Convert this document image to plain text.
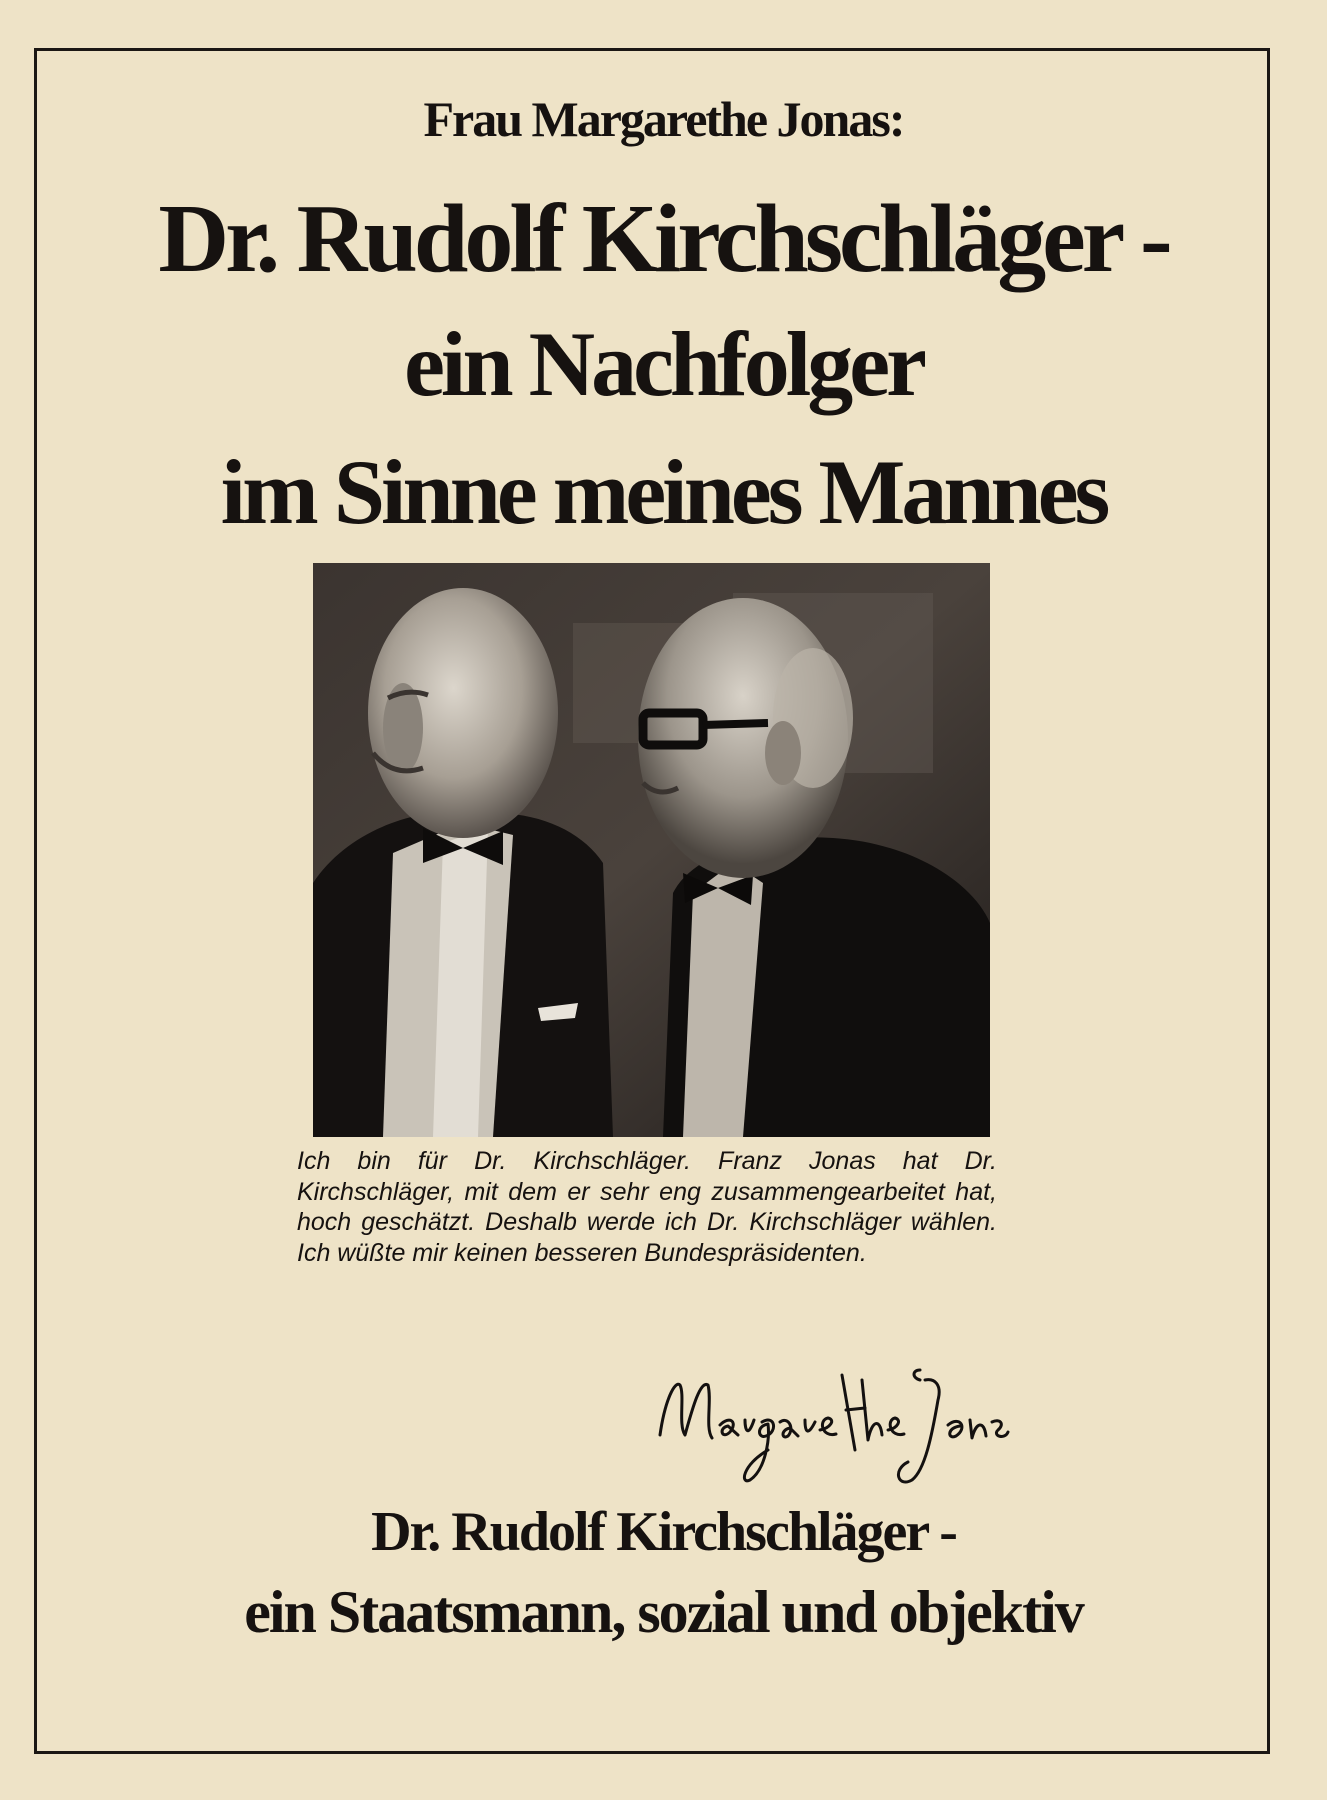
Frau Margarethe Jonas:
Dr. Rudolf Kirchschläger -
ein Nachfolger
im Sinne meines Mannes
Ich bin für Dr. Kirchschläger. Franz Jonas hat Dr. Kirchschläger, mit dem er sehr eng zusammengearbeitet hat, hoch geschätzt. Deshalb werde ich Dr. Kirchschläger wählen. Ich wüßte mir keinen besseren Bundespräsidenten.
Dr. Rudolf Kirchschläger -
ein Staatsmann, sozial und objektiv
